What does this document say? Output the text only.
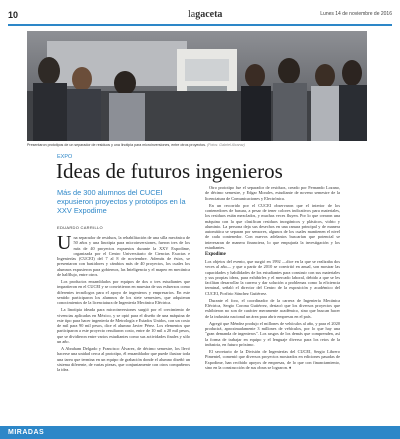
10	lagaceta	Lunes 14 de noviembre de 2016
Presentaron prototipos de un separador de residuos y una linotipia para microinversiones, entre otros proyectos. (Fotos: Gabriel Alcaraz)
EXPO
Ideas de futuros ingenieros
Más de 300 alumnos del CUCEI expusieron proyectos y prototipos en la XXV Expodime
EDUARDO CARRILLO

Una separador de residuos, la rehabilitación de una silla mecánica de 50 años y una linotipia para microinversiones, fueron tres de los más de 40 proyectos expuestos durante la XXV Expodime, organizada por el Centro Universitario de Ciencias Exactas e Ingenierías (CUCEI) del 7 al 8 de noviembre. Además de éstos, se presentaron con bastidores y cámbios más de 40 proyectos, los cuales los alumnos expusieron para gobiernos, las Inteligencia y el mapeo en mecánica de halfflujo, entre otros.

Los productos ensamblados por equipos de dos o tres estudiantes que impartieron en el CUCEI y se convirtieron en muestra de sus esfuerzos como diferentes tecnólogos para el apoyo de ingenieros y empresarios. En este sentido participaron los alumnos de los siete semestres, que adquieran conocimientos de la licenciatura de Ingeniería Mecánica Eléctrica.

La linotipia ideada para microinversiones surgió por el crecimiento de vivencias aplicadas en México, y se optó para el diseño de una máquina de este tipo para hacer ingeniería de Metrología e Estados Unidos, con un costo de mil para 90 mil pesos, dice el alumno Javier Pérez. Los elementos que participaron a este proyecto resultaron costo, entre de 10 mil a 20 mil pesos, que se dividieron entre varios estudiantes como sus actividades finales y sólo un año.

A Abraham Delgado y Francisco Álvarez, de décimo semestre, los llevó hacerse una unidad cerca al prototipo, él ensamblador que puede ilustrar toda una tarea que termina en un equipo de grabación donde el alumno diseñó un sistema diferente, de varias piezas, que conjuntamente con otros compañeros la idea.

Otro prototipo fue el separador de residuos, creado por Fernando Lozano, de décimo semestre, y Edgar Morales, estudiante de noveno semestre de la licenciatura de Comunicaciones y Electrónica.

En un recorrido por el CUCEI observaron que el interior de los contenedores de basura, a pesar de tener colores indicativos para materiales, los residuos están mezclados, y muchas veces fluyen. Por lo que crearon una máquina con la que clasifican residuos inorgánicos y plásticos, vidrio y aluminio. La persona deja sus desechos en una ranura principal y de manera automática se separan por sensores, algunos de los cuales mantienen el nivel de cada contenedor. Con nuevos adelantos buscarían que potencial se interesaran de manera financiera, lo que empujaría la investigación y los estudiantes.

Expodime

Los objetos del evento, que surgió en 1992 —dice en la que se realizaba dos veces al año— y que a partir de 2010 se convirtió en anual, son mostrar las capacidades y habilidades de los estudiantes para construir con sus materiales y sus propias ideas, para exhibirles y el mercado laboral, debido a que se les facilitan desarrollar la carrera y dar solución a problemas como la eficiencia terminal, señaló el director del Centro de la exposición y académico del CUCEI, Porfirio Sánchez Gutiérrez.

Durante el foro, el coordinador de la carrera de Ingeniería Mecánica Eléctrica, Sergio Corona Gutiérrez, destacó que los diversos proyectos que exhibieron no son de carácter meramente académico, sino que buscan hacer de la industria nacional un área para abrir empresas en el país.

Agregó que Méndez produjo el millones de vehículos al año, y para el 2020 producirá, aproximadamente 3 millones de vehículos, por lo que hay una "gran demanda de ingenieros". Los rasgos de los demás que comprenden, así la forma de trabajar en equipo y el lenguaje diverso para los retos de la industria, en futuro próximo.

El secretario de la División de Ingenierías del CUCEI, Sergio Librero Pimentel, comentó que diversos proyectos mostrados en ediciones pasadas de Expodime, han recibido apoyos de empresas, de lo que con financiamiento, sino en la construcción de sus obras se lograron. ♦

MIRADAS
